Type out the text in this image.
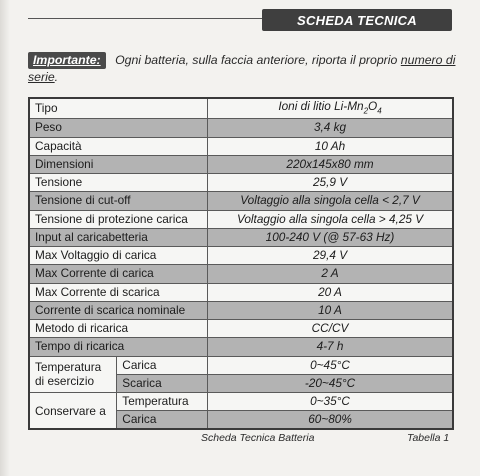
SCHEDA TECNICA
Importante: Ogni batteria, sulla faccia anteriore, riporta il proprio numero di serie.
Tipo		Ioni di litio $Li-Mn_2O_4$
Peso		3,4 kg
Capacità		10 Ah
Dimensioni		220x145x80 mm
Tensione		25,9 V
Tensione di cut-off		Voltaggio alla singola cella < 2,7 V
Tensione di protezione carica		Voltaggio alla singola cella > 4,25 V
Input al caricabetteria		100-240 V (@ 57-63 Hz)
Max Voltaggio di carica		29,4 V
Max Corrente di carica		2 A
Max Corrente di scarica		20 A
Corrente di scarica nominale		10 A
Metodo di ricarica		CC/CV
Tempo di ricarica		4-7 h
Temperatura di esercizio	Carica	0~45°C
	Scarica	-20~45°C
Conservare a	Temperatura	0~35°C
	Carica	60~80%
Scheda Tecnica Batteria	Tabella 1
